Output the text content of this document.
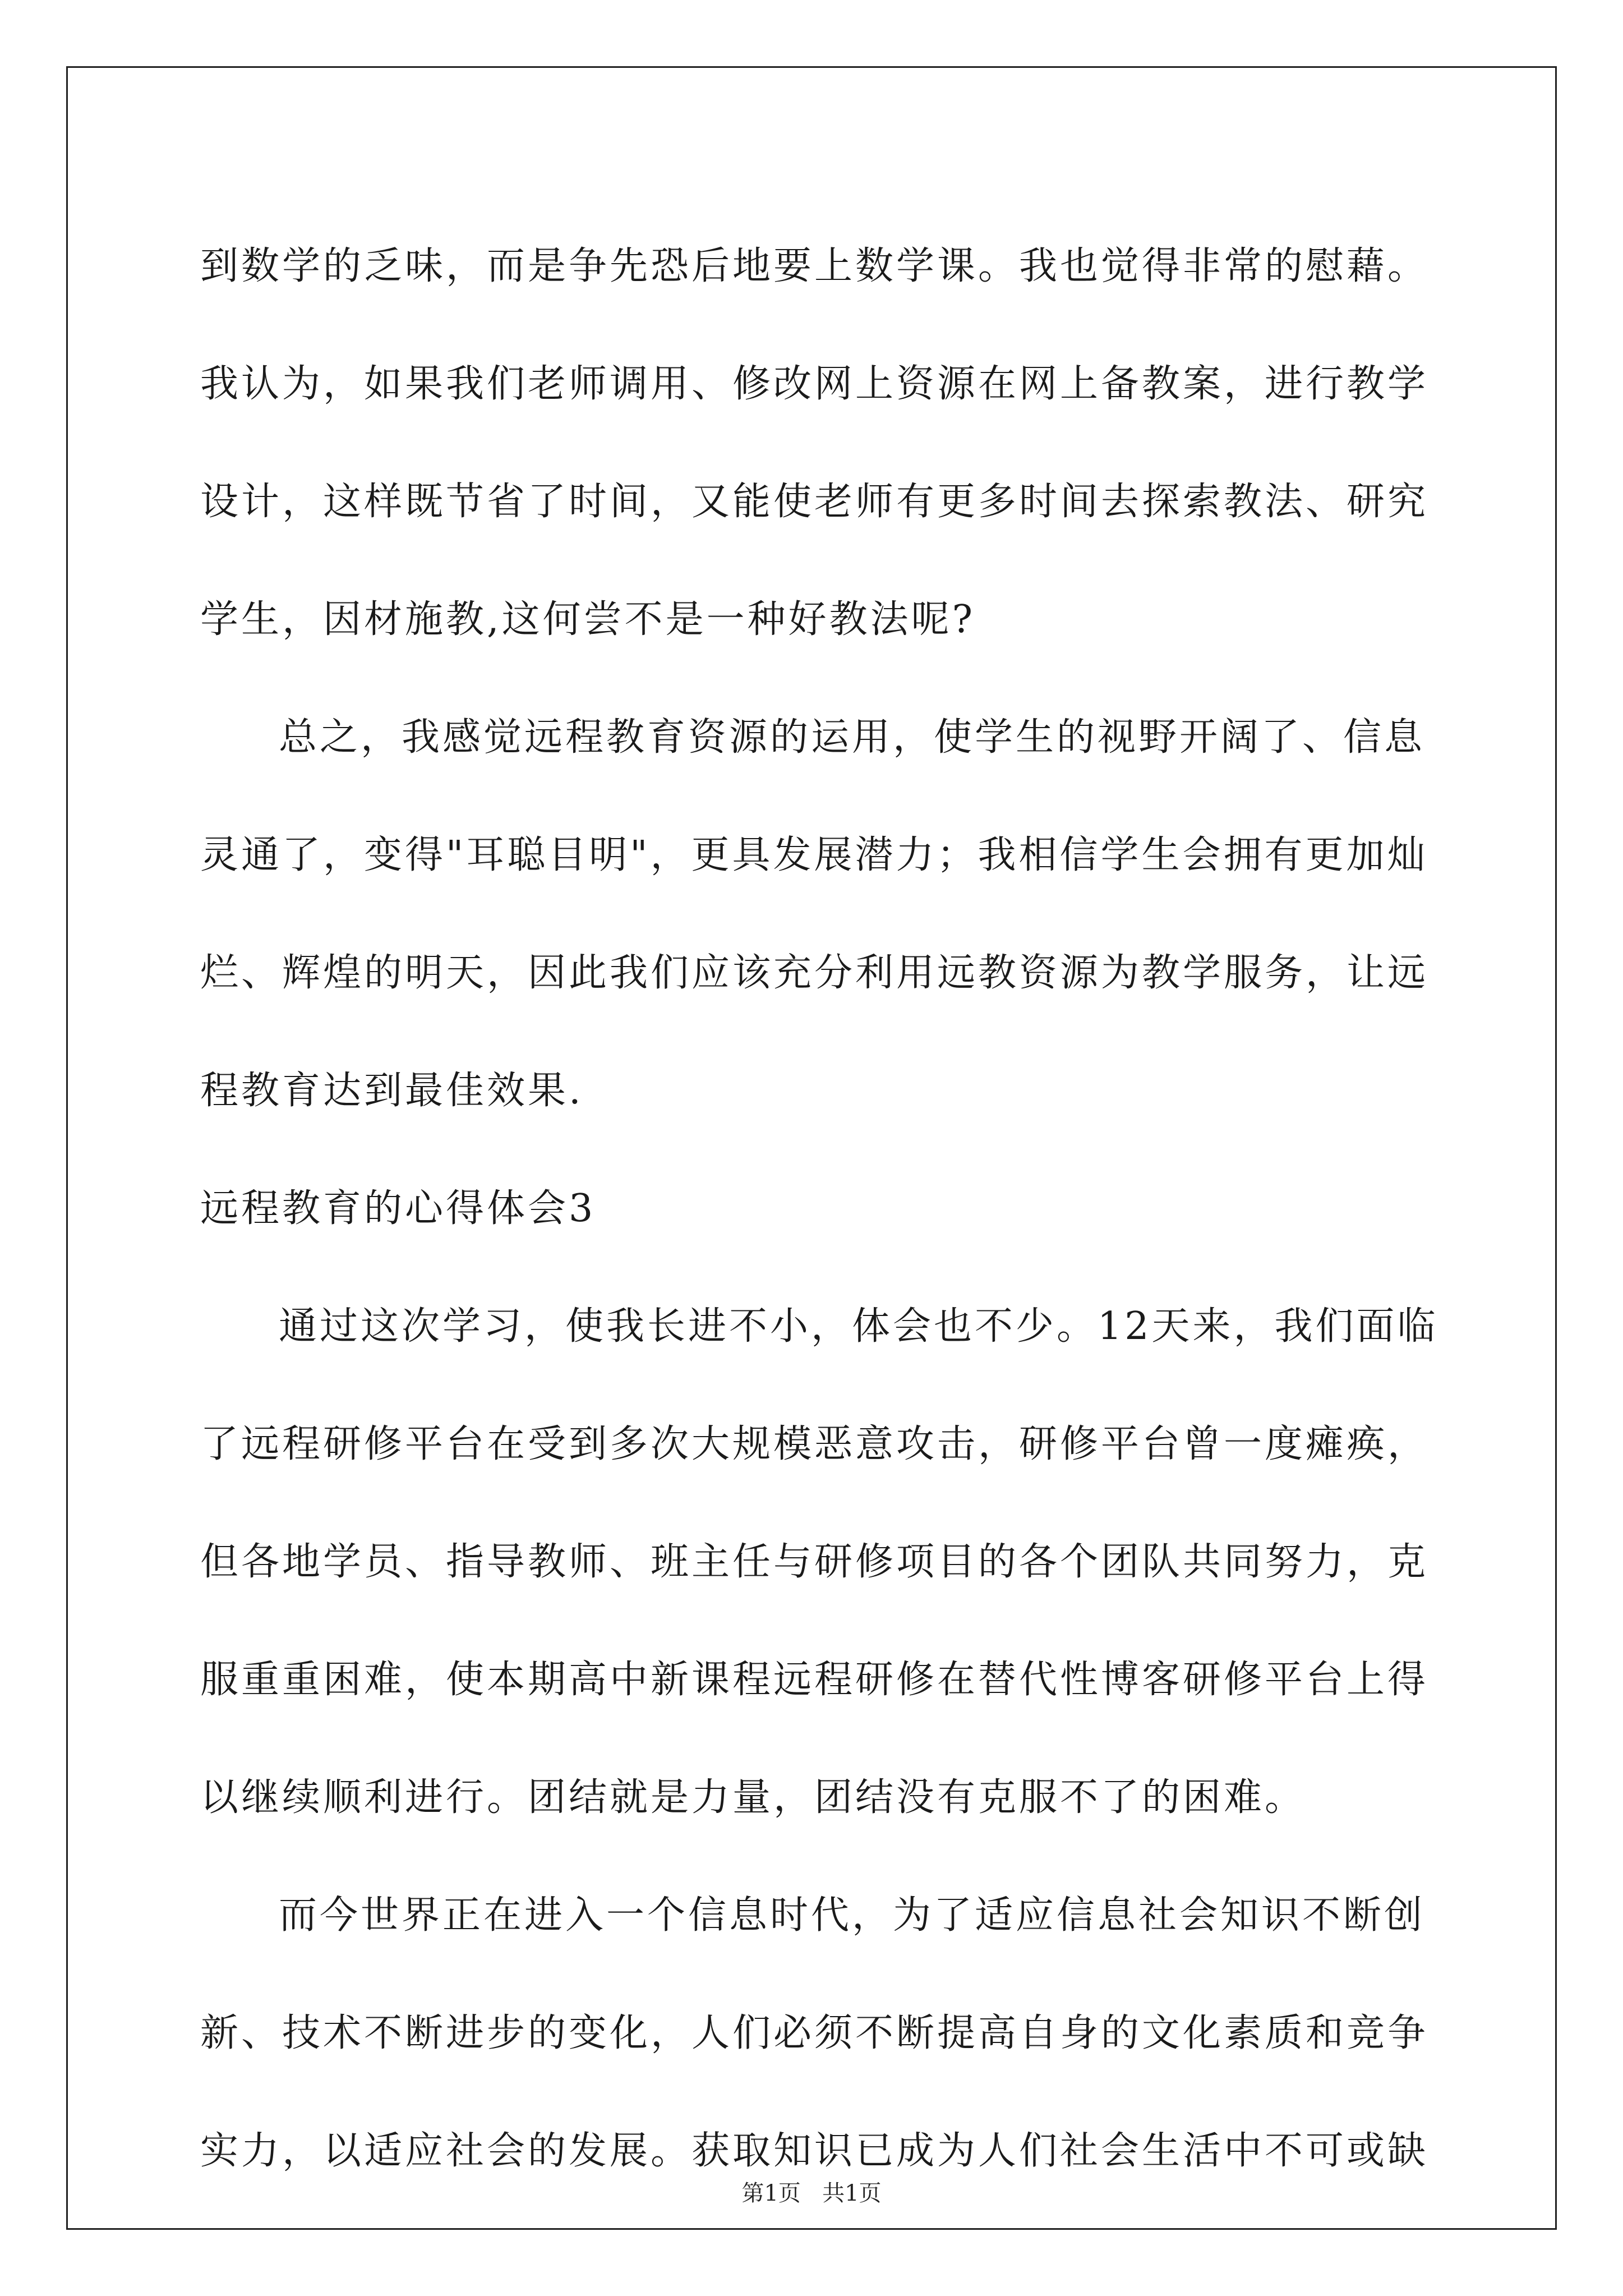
到数学的乏味，而是争先恐后地要上数学课。我也觉得非常的慰藉。
我认为，如果我们老师调用、修改网上资源在网上备教案，进行教学
设计，这样既节省了时间，又能使老师有更多时间去探索教法、研究
学生，因材施教,这何尝不是一种好教法呢?
总之，我感觉远程教育资源的运用，使学生的视野开阔了、信息
灵通了，变得"耳聪目明"，更具发展潜力；我相信学生会拥有更加灿
烂、辉煌的明天，因此我们应该充分利用远教资源为教学服务，让远
程教育达到最佳效果.
远程教育的心得体会3
通过这次学习，使我长进不小，体会也不少。12天来，我们面临
了远程研修平台在受到多次大规模恶意攻击，研修平台曾一度瘫痪，
但各地学员、指导教师、班主任与研修项目的各个团队共同努力，克
服重重困难，使本期高中新课程远程研修在替代性博客研修平台上得
以继续顺利进行。团结就是力量，团结没有克服不了的困难。
而今世界正在进入一个信息时代，为了适应信息社会知识不断创
新、技术不断进步的变化，人们必须不断提高自身的文化素质和竞争
实力，以适应社会的发展。获取知识已成为人们社会生活中不可或缺
第1页 共1页
